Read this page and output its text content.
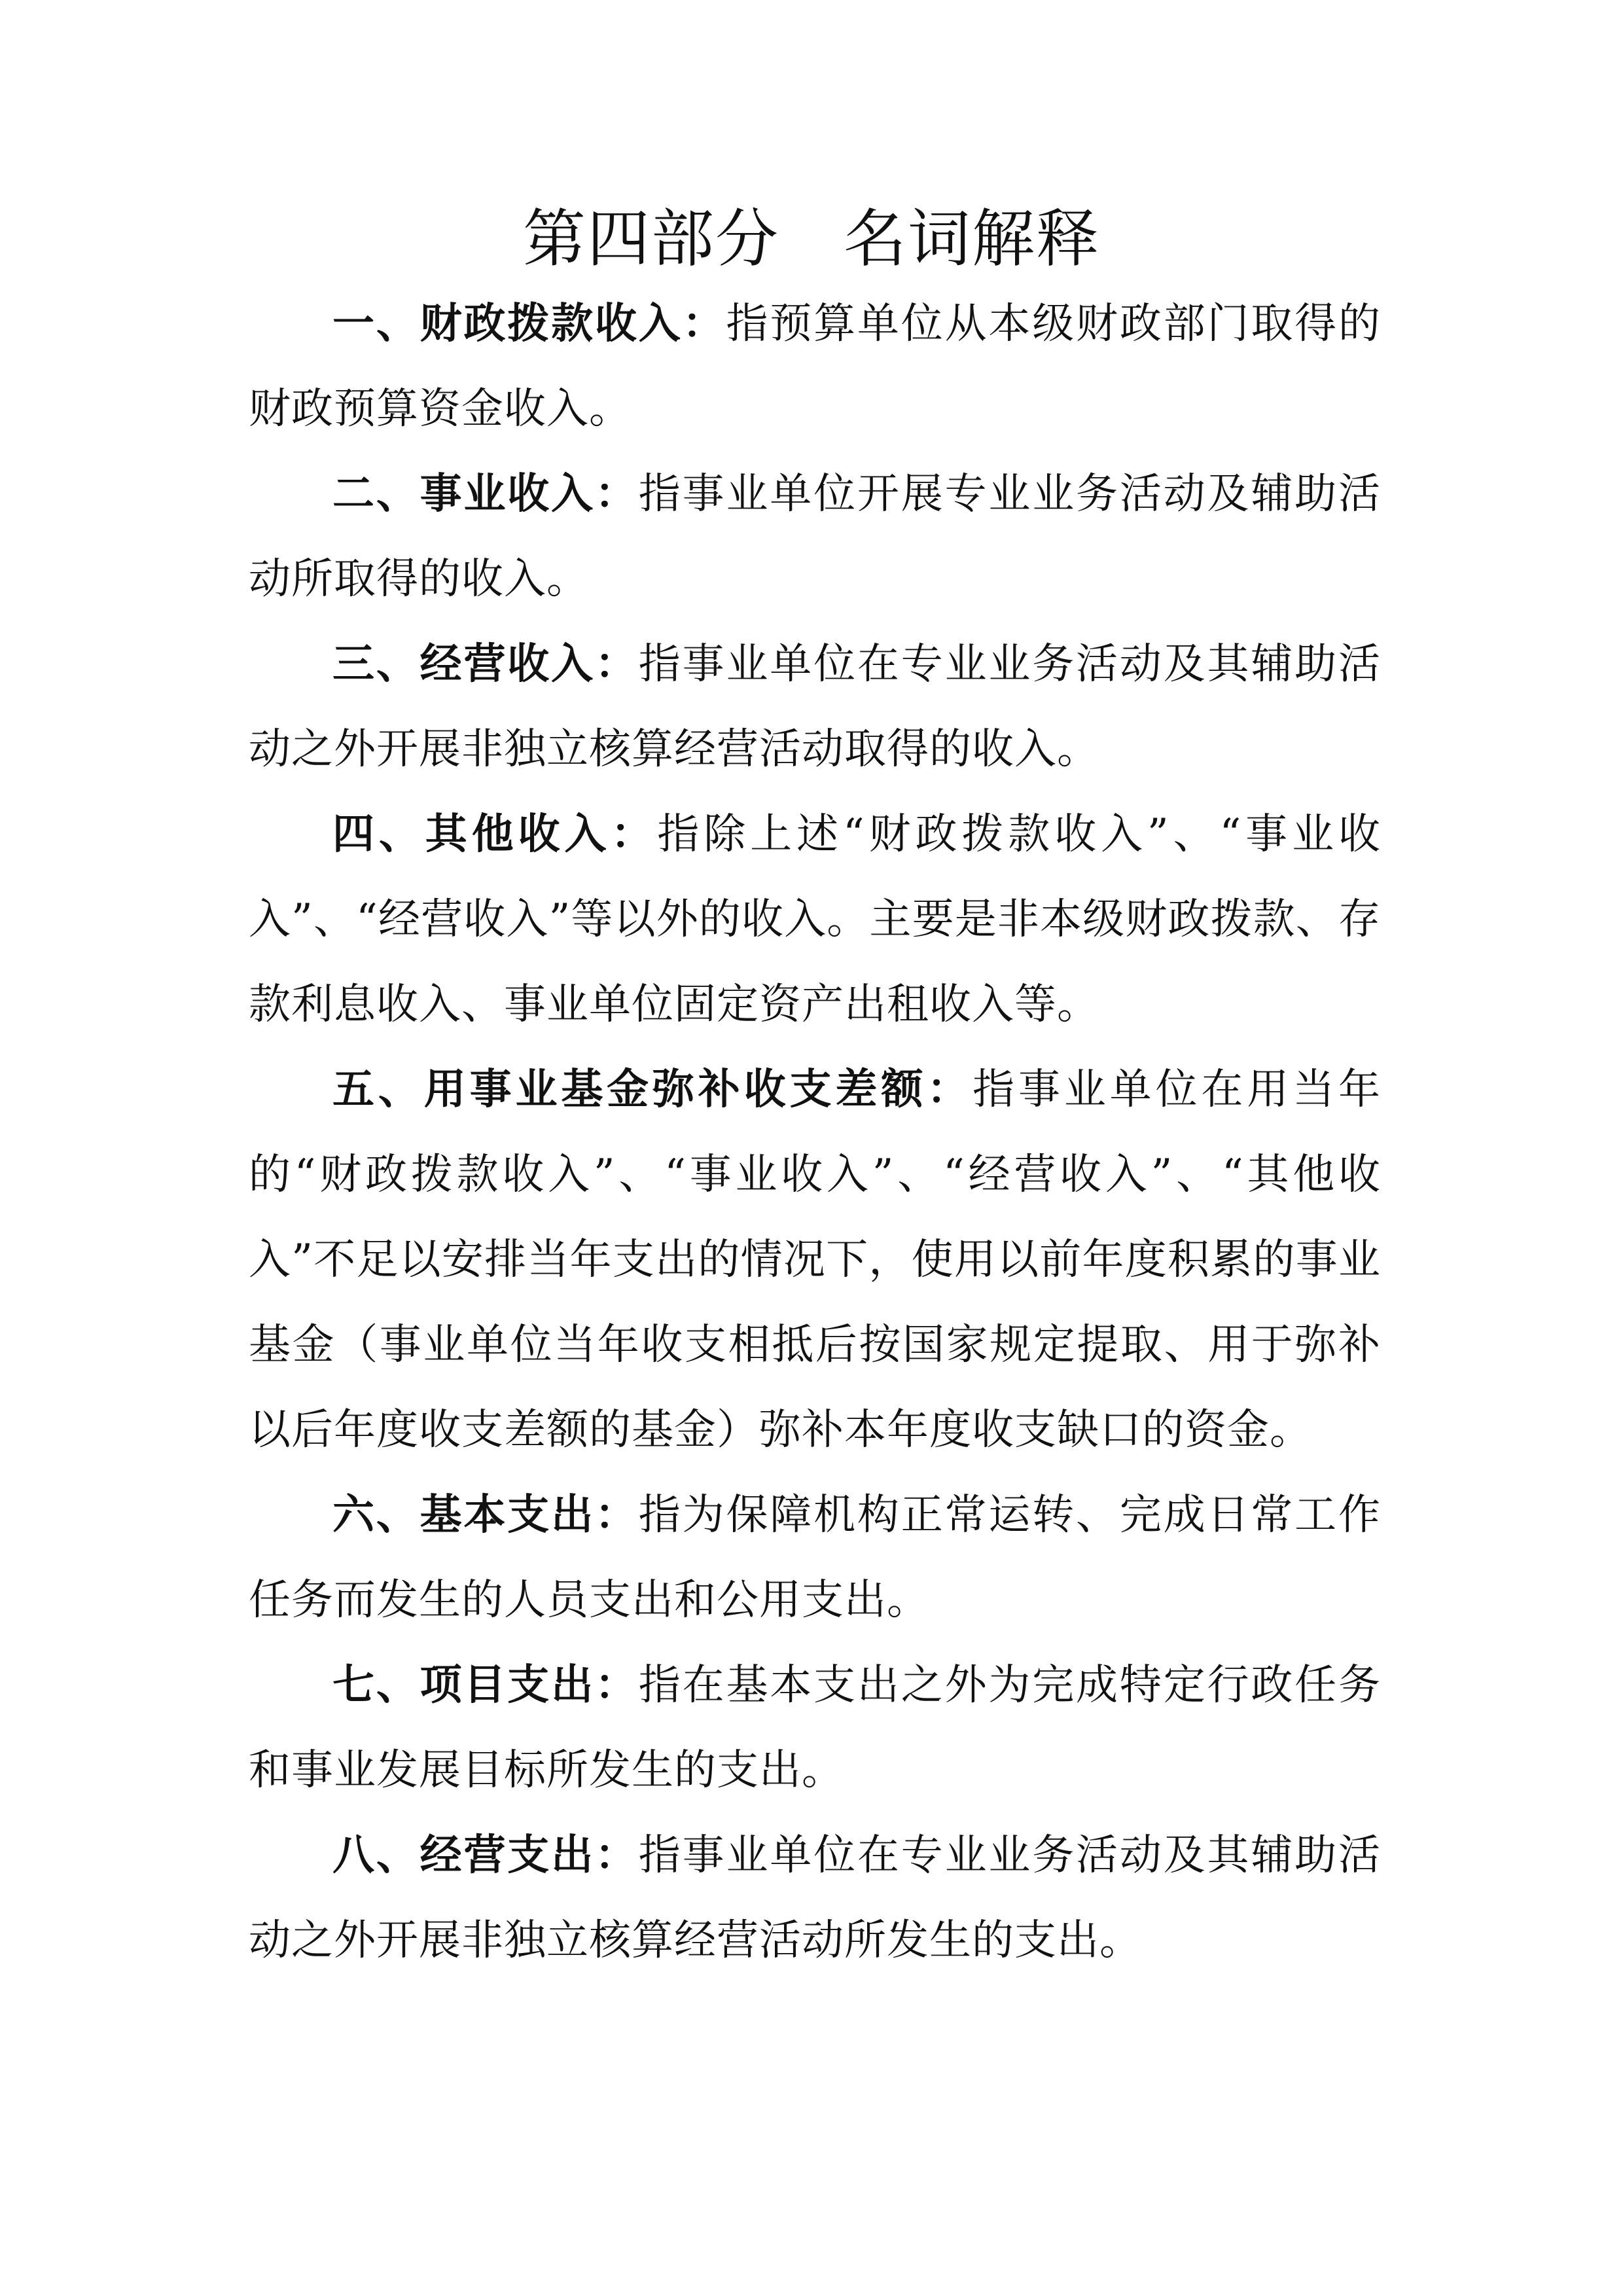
第四部分　名词解释

一、财政拨款收入：指预算单位从本级财政部门取得的财政预算资金收入。

二、事业收入：指事业单位开展专业业务活动及辅助活动所取得的收入。

三、经营收入：指事业单位在专业业务活动及其辅助活动之外开展非独立核算经营活动取得的收入。

四、其他收入：指除上述“财政拨款收入”、“事业收入”、“经营收入”等以外的收入。主要是非本级财政拨款、存款利息收入、事业单位固定资产出租收入等。

五、用事业基金弥补收支差额：指事业单位在用当年的“财政拨款收入”、“事业收入”、“经营收入”、“其他收入”不足以安排当年支出的情况下，使用以前年度积累的事业基金（事业单位当年收支相抵后按国家规定提取、用于弥补以后年度收支差额的基金）弥补本年度收支缺口的资金。

六、基本支出：指为保障机构正常运转、完成日常工作任务而发生的人员支出和公用支出。

七、项目支出：指在基本支出之外为完成特定行政任务和事业发展目标所发生的支出。

八、经营支出：指事业单位在专业业务活动及其辅助活动之外开展非独立核算经营活动所发生的支出。
